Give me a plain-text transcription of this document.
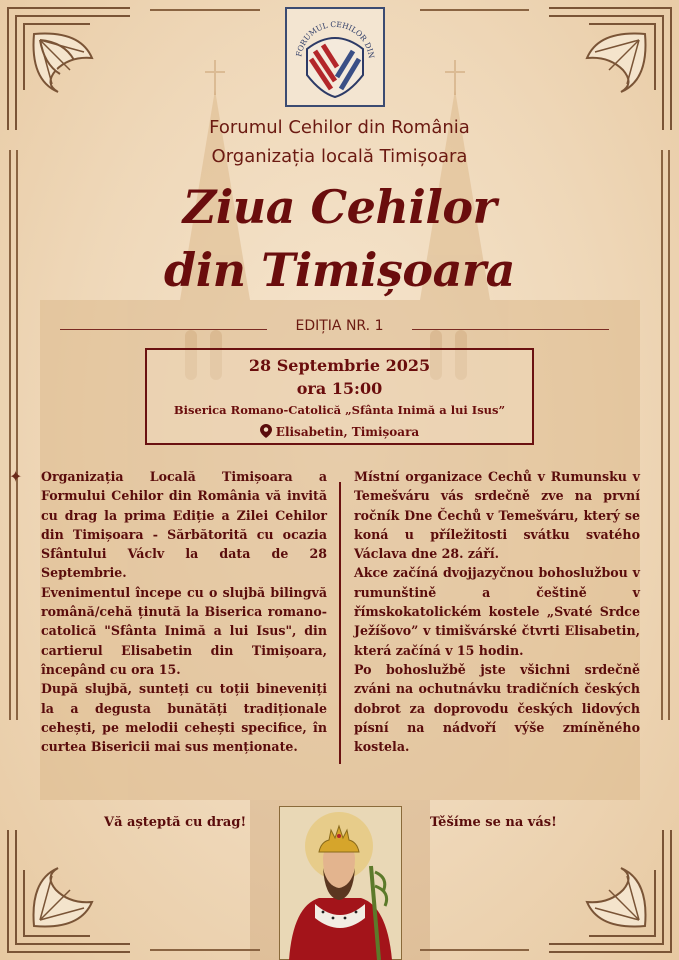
FORUMUL CEHILOR DIN
Forumul Cehilor din România
Organizația locală Timișoara
Ziua Cehilor
din Timișoara
EDIȚIA NR. 1
28 Septembrie 2025
ora 15:00
Biserica Romano-Catolică „Sfânta Inimă a lui Isus”
Elisabetin, Timișoara
✦ Organizația Locală Timișoara a Formului Cehilor din România vă invită cu drag la prima Ediție a Zilei Cehilor din Timișoara - Sărbătorită cu ocazia Sfântului Václv la data de 28 Septembrie.

Evenimentul începe cu o slujbă bilingvă română/cehă ținută la Biserica romano-catolică "Sfânta Inimă a lui Isus", din cartierul Elisabetin din Timișoara, începând cu ora 15.

După slujbă, sunteți cu toții bineveniți la a degusta bunătăți tradiționale cehești, pe melodii cehești specifice, în curtea Bisericii mai sus menționate.

Místní organizace Cechů v Rumunsku v Temešváru vás srdečně zve na první ročník Dne Čechů v Temešváru, který se koná u příležitosti svátku svatého Václava dne 28. září.

Akce začíná dvojjazyčnou bohoslužbou v rumunštině a češtině v římskokatolickém kostele „Svaté Srdce Ježíšovo” v timišvárské čtvrti Elisabetin, která začíná v 15 hodin.

Po bohoslužbě jste všichni srdečně zváni na ochutnávku tradičních českých dobrot za doprovodu českých lidových písní na nádvoří výše zmíněného kostela.

Vă așteptă cu drag!	Těšíme se na vás!
